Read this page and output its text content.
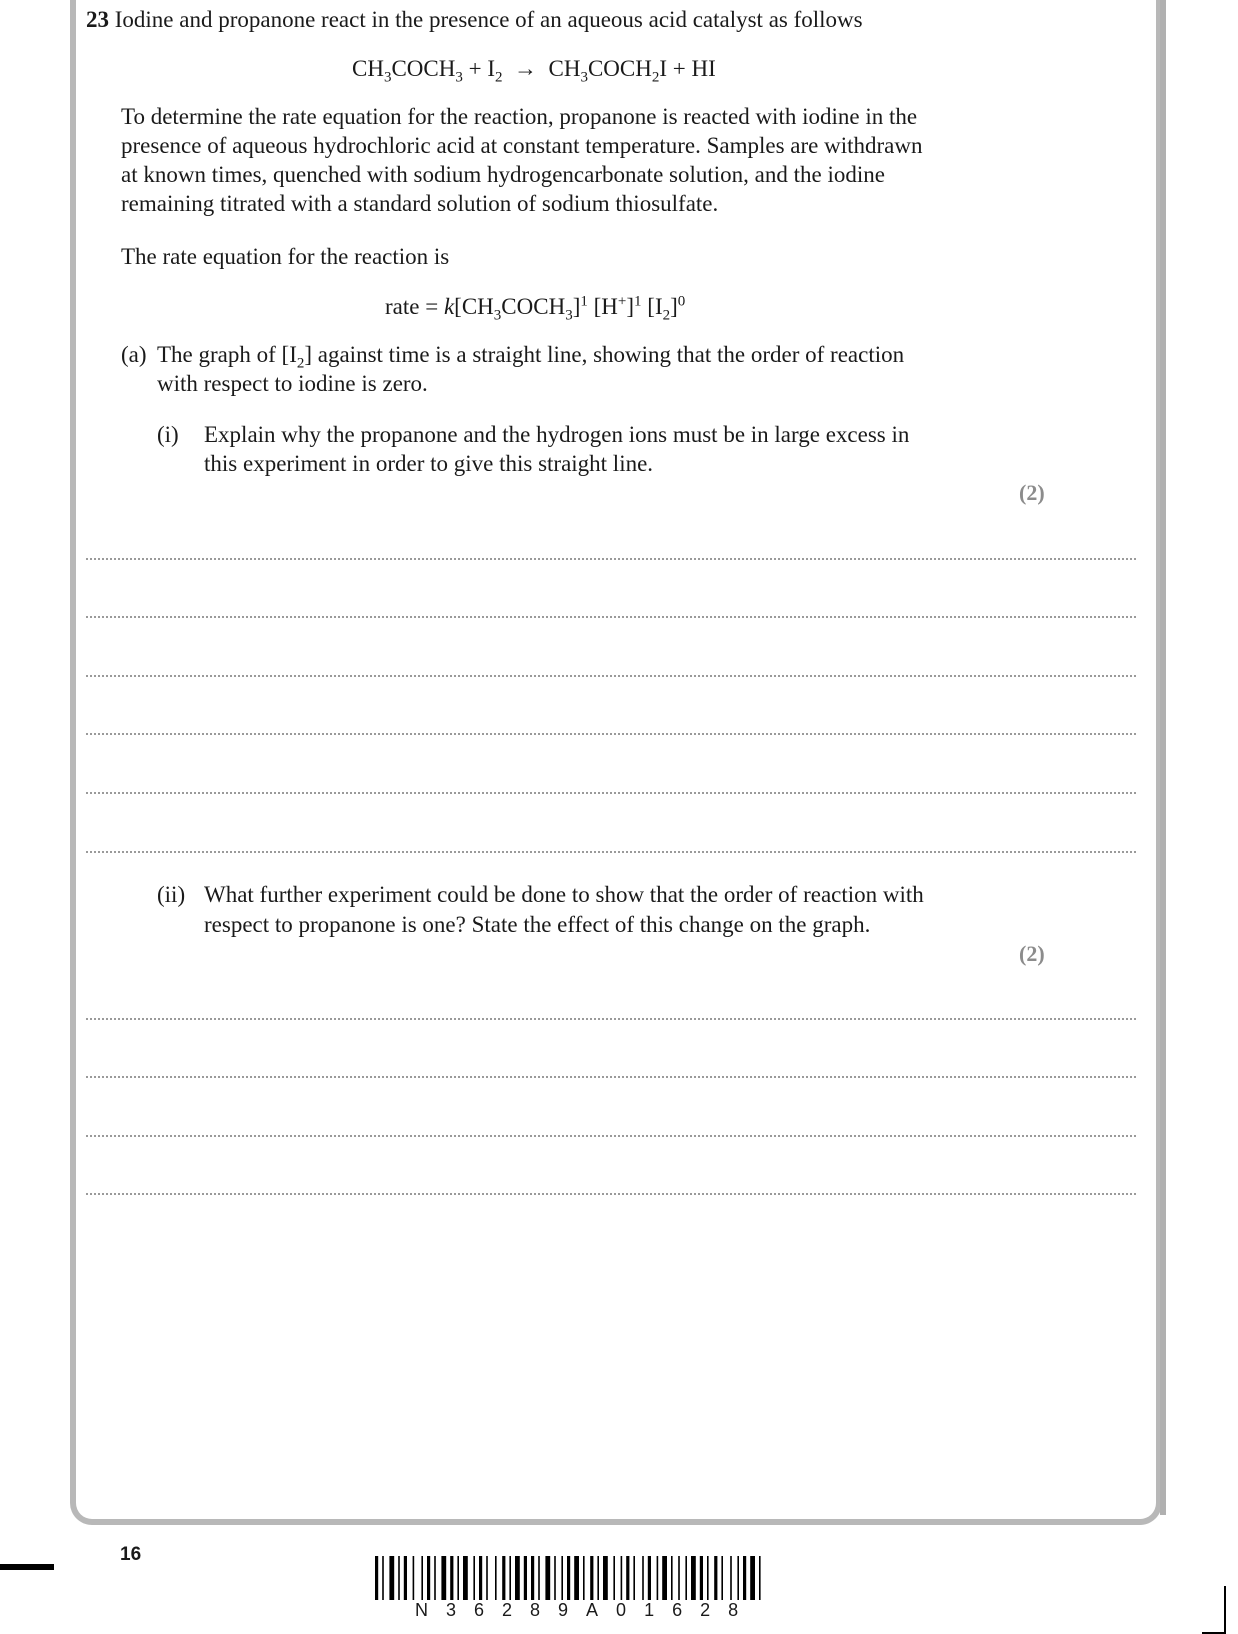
23 Iodine and propanone react in the presence of an aqueous acid catalyst as follows
$CH_3COCH_3 + I_2$ → $CH_3COCH_2I$ + HI
To determine the rate equation for the reaction, propanone is reacted with iodine in the
presence of aqueous hydrochloric acid at constant temperature. Samples are withdrawn
at known times, quenched with sodium hydrogencarbonate solution, and the iodine
remaining titrated with a standard solution of sodium thiosulfate.
The rate equation for the reaction is
rate = $k[CH_3COCH_3]^1$ $[H^+]^1$ $[I_2]^0$
(a) The graph of $[I_2]$ against time is a straight line, showing that the order of reaction
with respect to iodine is zero.
(i) Explain why the propanone and the hydrogen ions must be in large excess in
this experiment in order to give this straight line.
(2)
(ii) What further experiment could be done to show that the order of reaction with
respect to propanone is one? State the effect of this change on the graph.
(2)
16
N36289A01628
